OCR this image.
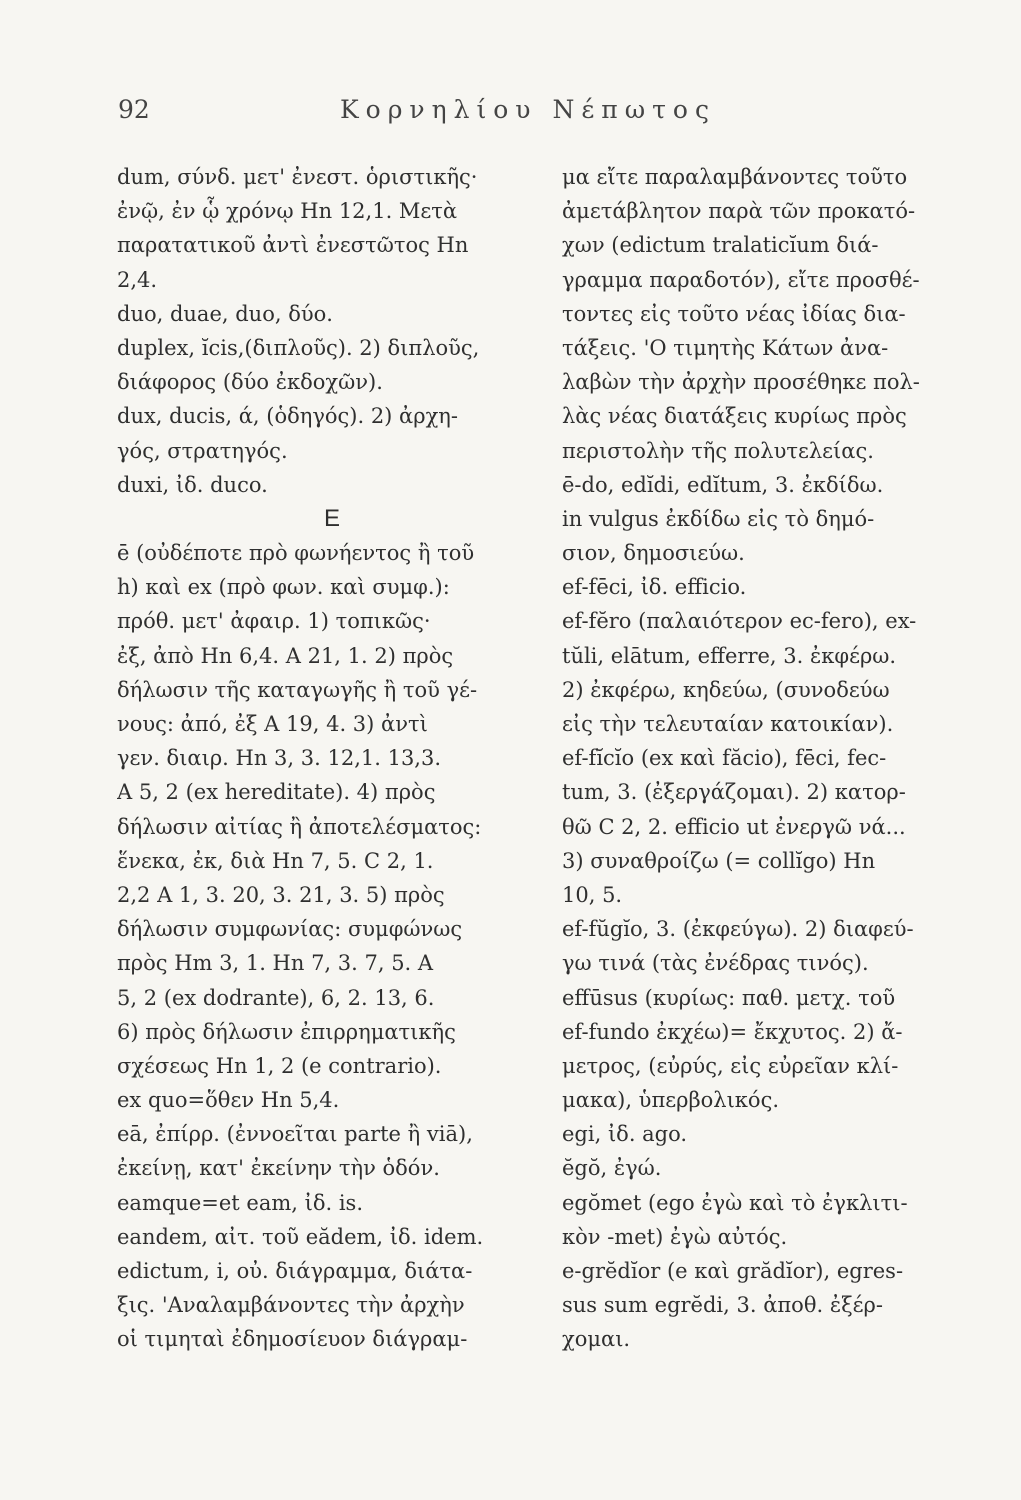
92	Κορνηλίου Νέπωτος
dum, σύνδ. μετ' ἐνεστ. ὁριστικῆς·
ἐνῷ, ἐν ᾧ χρόνῳ Hn 12,1. Μετὰ
παρατατικοῦ ἀντὶ ἐνεστῶτος Hn
2,4.
duo, duae, duo, δύο.
duplex, ĭcis,(διπλοῦς). 2) διπλοῦς,
διάφορος (δύο ἐκδοχῶν).
dux, ducis, ά, (ὁδηγός). 2) ἀρχη-
γός, στρατηγός.
duxi, ἰδ. duco.
E
ē (οὐδέποτε πρὸ φωνήεντος ἢ τοῦ
h) καὶ ex (πρὸ φων. καὶ συμφ.):
πρόθ. μετ' ἀφαιρ. 1) τοπικῶς·
ἐξ, ἀπὸ Hn 6,4. A 21, 1. 2) πρὸς
δήλωσιν τῆς καταγωγῆς ἢ τοῦ γέ-
νους: ἀπό, ἐξ A 19, 4. 3) ἀντὶ
γεν. διαιρ. Hn 3, 3. 12,1. 13,3.
A 5, 2 (ex hereditate). 4) πρὸς
δήλωσιν αἰτίας ἢ ἀποτελέσματος:
ἕνεκα, ἐκ, διὰ Hn 7, 5. C 2, 1.
2,2 A 1, 3. 20, 3. 21, 3. 5) πρὸς
δήλωσιν συμφωνίας: συμφώνως
πρὸς Hm 3, 1. Hn 7, 3. 7, 5. A
5, 2 (ex dodrante), 6, 2. 13, 6.
6) πρὸς δήλωσιν ἐπιρρηματικῆς
σχέσεως Hn 1, 2 (e contrario).
ex quo=ὅθεν Hn 5,4.
eā, ἐπίρρ. (ἐννοεῖται parte ἢ viā),
ἐκείνῃ, κατ' ἐκείνην τὴν ὁδόν.
eamque=et eam, ἰδ. is.
eandem, αἰτ. τοῦ eădem, ἰδ. idem.
edictum, i, οὐ. διάγραμμα, διάτα-
ξις. 'Αναλαμβάνοντες τὴν ἀρχὴν
οἱ τιμηταὶ ἐδημοσίευον διάγραμ-
μα εἴτε παραλαμβάνοντες τοῦτο
ἀμετάβλητον παρὰ τῶν προκατό-
χων (edictum tralaticĭum διά-
γραμμα παραδοτόν), εἴτε προσθέ-
τοντες εἰς τοῦτο νέας ἰδίας δια-
τάξεις. 'Ο τιμητὴς Κάτων ἀνα-
λαβὼν τὴν ἀρχὴν προσέθηκε πολ-
λὰς νέας διατάξεις κυρίως πρὸς
περιστολὴν τῆς πολυτελείας.
ē-do, edĭdi, edĭtum, 3. ἐκδίδω.
in vulgus ἐκδίδω εἰς τὸ δημό-
σιον, δημοσιεύω.
ef-fēci, ἰδ. efficio.
ef-fĕro (παλαιότερον ec-fero), ex-
tŭli, elātum, efferre, 3. ἐκφέρω.
2) ἐκφέρω, κηδεύω, (συνοδεύω
εἰς τὴν τελευταίαν κατοικίαν).
ef-fĭcĭo (ex καὶ făcio), fēci, fec-
tum, 3. (ἐξεργάζομαι). 2) κατορ-
θῶ C 2, 2. efficio ut ἐνεργῶ νά...
3) συναθροίζω (= collĭgo) Hn
10, 5.
ef-fŭgĭo, 3. (ἐκφεύγω). 2) διαφεύ-
γω τινά (τὰς ἐνέδρας τινός).
effūsus (κυρίως: παθ. μετχ. τοῦ
ef-fundo ἐκχέω)= ἔκχυτος. 2) ἄ-
μετρος, (εὐρύς, εἰς εὐρεῖαν κλί-
μακα), ὑπερβολικός.
egi, ἰδ. ago.
ĕgŏ, ἐγώ.
egŏmet (ego ἐγὼ καὶ τὸ ἐγκλιτι-
κὸν -met) ἐγὼ αὐτός.
e-grĕdĭor (e καὶ grădĭor), egres-
sus sum egrĕdi, 3. ἀποθ. ἐξέρ-
χομαι.
